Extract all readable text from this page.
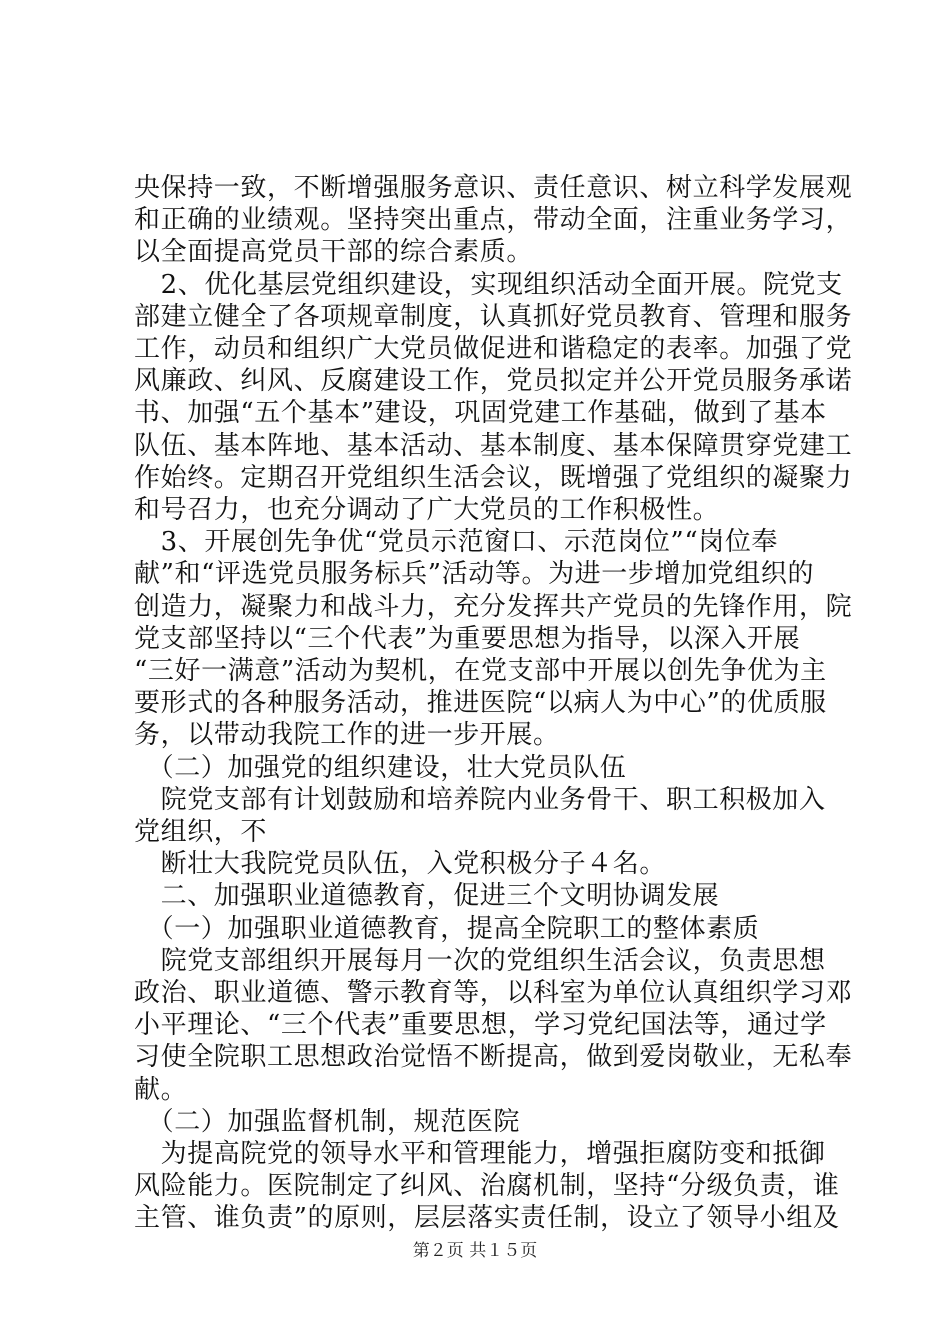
央保持一致，不断增强服务意识、责任意识、树立科学发展观
和正确的业绩观。坚持突出重点，带动全面，注重业务学习，
以全面提高党员干部的综合素质。
　2、优化基层党组织建设，实现组织活动全面开展。院党支
部建立健全了各项规章制度，认真抓好党员教育、管理和服务
工作，动员和组织广大党员做促进和谐稳定的表率。加强了党
风廉政、纠风、反腐建设工作，党员拟定并公开党员服务承诺
书、加强“五个基本”建设，巩固党建工作基础，做到了基本
队伍、基本阵地、基本活动、基本制度、基本保障贯穿党建工
作始终。定期召开党组织生活会议，既增强了党组织的凝聚力
和号召力，也充分调动了广大党员的工作积极性。
　3、开展创先争优“党员示范窗口、示范岗位”“岗位奉
献”和“评选党员服务标兵”活动等。为进一步增加党组织的
创造力，凝聚力和战斗力，充分发挥共产党员的先锋作用，院
党支部坚持以“三个代表”为重要思想为指导，以深入开展
“三好一满意”活动为契机，在党支部中开展以创先争优为主
要形式的各种服务活动，推进医院“以病人为中心”的优质服
务，以带动我院工作的进一步开展。
　（二）加强党的组织建设，壮大党员队伍
　院党支部有计划鼓励和培养院内业务骨干、职工积极加入
党组织，不
　断壮大我院党员队伍，入党积极分子４名。
　二、加强职业道德教育，促进三个文明协调发展
　（一）加强职业道德教育，提高全院职工的整体素质
　院党支部组织开展每月一次的党组织生活会议，负责思想
政治、职业道德、警示教育等，以科室为单位认真组织学习邓
小平理论、“三个代表”重要思想，学习党纪国法等，通过学
习使全院职工思想政治觉悟不断提高，做到爱岗敬业，无私奉
献。
　（二）加强监督机制，规范医院
　为提高院党的领导水平和管理能力，增强拒腐防变和抵御
风险能力。医院制定了纠风、治腐机制，坚持“分级负责，谁
主管、谁负责”的原则，层层落实责任制，设立了领导小组及
第２页 共１５页
